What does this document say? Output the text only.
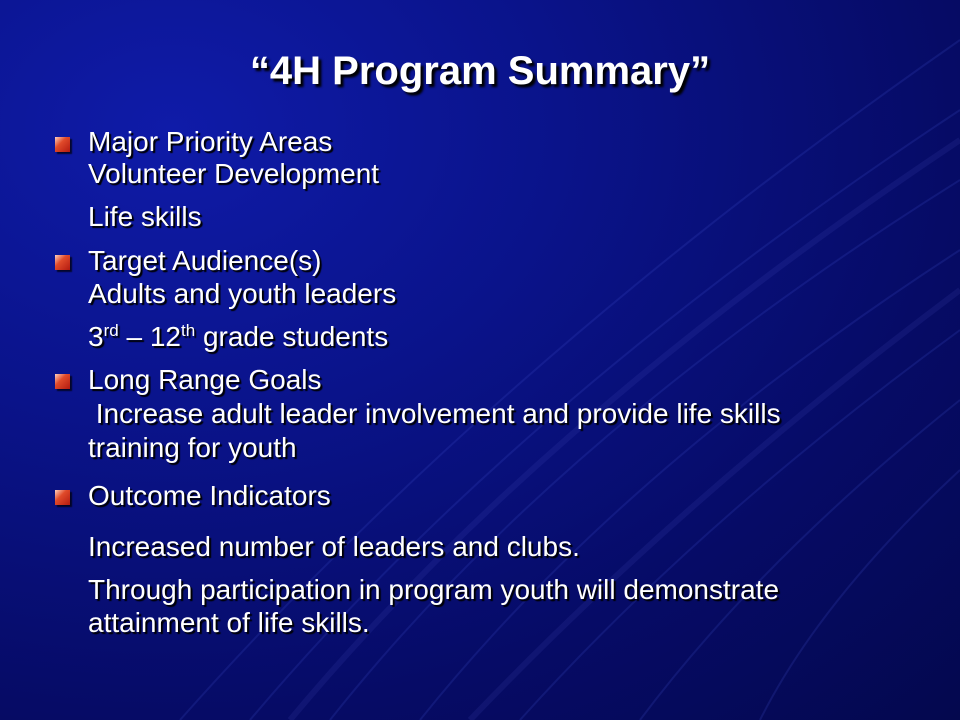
“4H Program Summary”
Major Priority Areas
Volunteer Development
Life skills
Target Audience(s)
Adults and youth leaders
3rd – 12th grade students
Long Range Goals
Increase adult leader involvement and provide life skills
training for youth
Outcome Indicators
Increased number of leaders and clubs.
Through participation in program youth will demonstrate
attainment of life skills.
